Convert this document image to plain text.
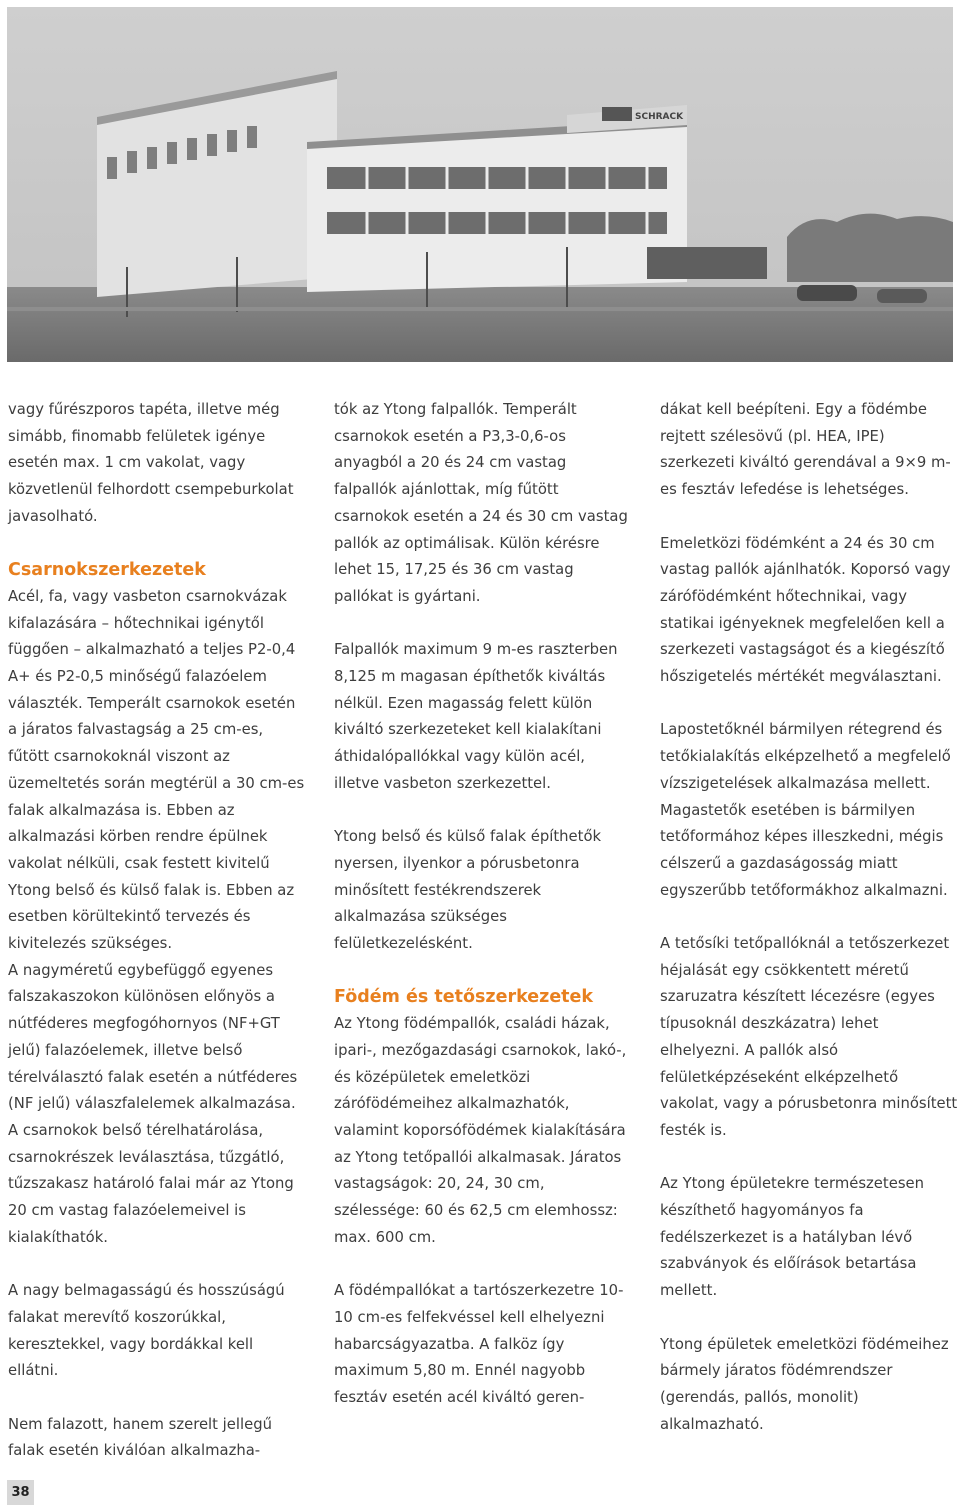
SCHRACK

vagy fűrészporos tapéta, illetve még simább, finomabb felületek igénye esetén max. 1 cm vakolat, vagy közvetlenül felhordott csempeburkolat javasolható.

Csarnokszerkezetek

Acél, fa, vagy vasbeton csarnokvázak kifalazására – hőtechnikai igénytől függően – alkalmazható a teljes P2-0,4 A+ és P2-0,5 minőségű falazóelem választék. Temperált csarnokok esetén a járatos falvastagság a 25 cm-es, fűtött csarnokoknál viszont az üzemeltetés során megtérül a 30 cm-es falak alkalmazása is. Ebben az alkalmazási körben rendre épülnek vakolat nélküli, csak festett kivitelű Ytong belső és külső falak is. Ebben az esetben körültekintő tervezés és kivitelezés szükséges.

A nagyméretű egybefüggő egyenes falszakaszokon különösen előnyös a nútféderes megfogóhornyos (NF+GT jelű) falazóelemek, illetve belső térelválasztó falak esetén a nútféderes (NF jelű) válaszfalelemek alkalmazása. A csarnokok belső térelhatárolása, csarnokrészek leválasztása, tűzgátló, tűzszakasz határoló falai már az Ytong 20 cm vastag falazóelemeivel is kialakíthatók.

A nagy belmagasságú és hosszúságú falakat merevítő koszorúkkal, keresztekkel, vagy bordákkal kell ellátni.

Nem falazott, hanem szerelt jellegű falak esetén kiválóan alkalmazha-

tók az Ytong falpallók. Temperált csarnokok esetén a P3,3-0,6-os anyagból a 20 és 24 cm vastag falpallók ajánlottak, míg fűtött csarnokok esetén a 24 és 30 cm vastag pallók az optimálisak. Külön kérésre lehet 15, 17,25 és 36 cm vastag pallókat is gyártani.

Falpallók maximum 9 m-es raszterben 8,125 m magasan építhetők kiváltás nélkül. Ezen magasság felett külön kiváltó szerkezeteket kell kialakítani áthidalópallókkal vagy külön acél, illetve vasbeton szerkezettel.

Ytong belső és külső falak építhetők nyersen, ilyenkor a pórusbetonra minősített festékrendszerek alkalmazása szükséges felületkezelésként.

Födém és tetőszerkezetek

Az Ytong födémpallók, családi házak, ipari-, mezőgazdasági csarnokok, lakó-, és középületek emeletközi zárófödémeihez alkalmazhatók, valamint koporsófödémek kialakítására az Ytong tetőpallói alkalmasak. Járatos vastagságok: 20, 24, 30 cm, szélessége: 60 és 62,5 cm elemhossz: max. 600 cm.

A födémpallókat a tartószerkezetre 10-10 cm-es felfekvéssel kell elhelyezni habarcságyazatba. A falköz így maximum 5,80 m. Ennél nagyobb fesztáv esetén acél kiváltó geren-

dákat kell beépíteni. Egy a födémbe rejtett szélesövű (pl. HEA, IPE) szerkezeti kiváltó gerendával a 9×9 m-es fesztáv lefedése is lehetséges.

Emeletközi födémként a 24 és 30 cm vastag pallók ajánlhatók. Koporsó vagy zárófödémként hőtechnikai, vagy statikai igényeknek megfelelően kell a szerkezeti vastagságot és a kiegészítő hőszigetelés mértékét megválasztani.

Lapostetőknél bármilyen rétegrend és tetőkialakítás elképzelhető a megfelelő vízszigetelések alkalmazása mellett. Magastetők esetében is bármilyen tetőformához képes illeszkedni, mégis célszerű a gazdaságosság miatt egyszerűbb tetőformákhoz alkalmazni.

A tetősíki tetőpallóknál a tetőszerkezet héjalását egy csökkentett méretű szaruzatra készített lécezésre (egyes típusoknál deszkázatra) lehet elhelyezni. A pallók alsó felületképzéseként elképzelhető vakolat, vagy a pórusbetonra minősített festék is.

Az Ytong épületekre természetesen készíthető hagyományos fa fedélszerkezet is a hatályban lévő szabványok és előírások betartása mellett.

Ytong épületek emeletközi födémeihez bármely járatos födémrendszer (gerendás, pallós, monolit) alkalmazható.

38
